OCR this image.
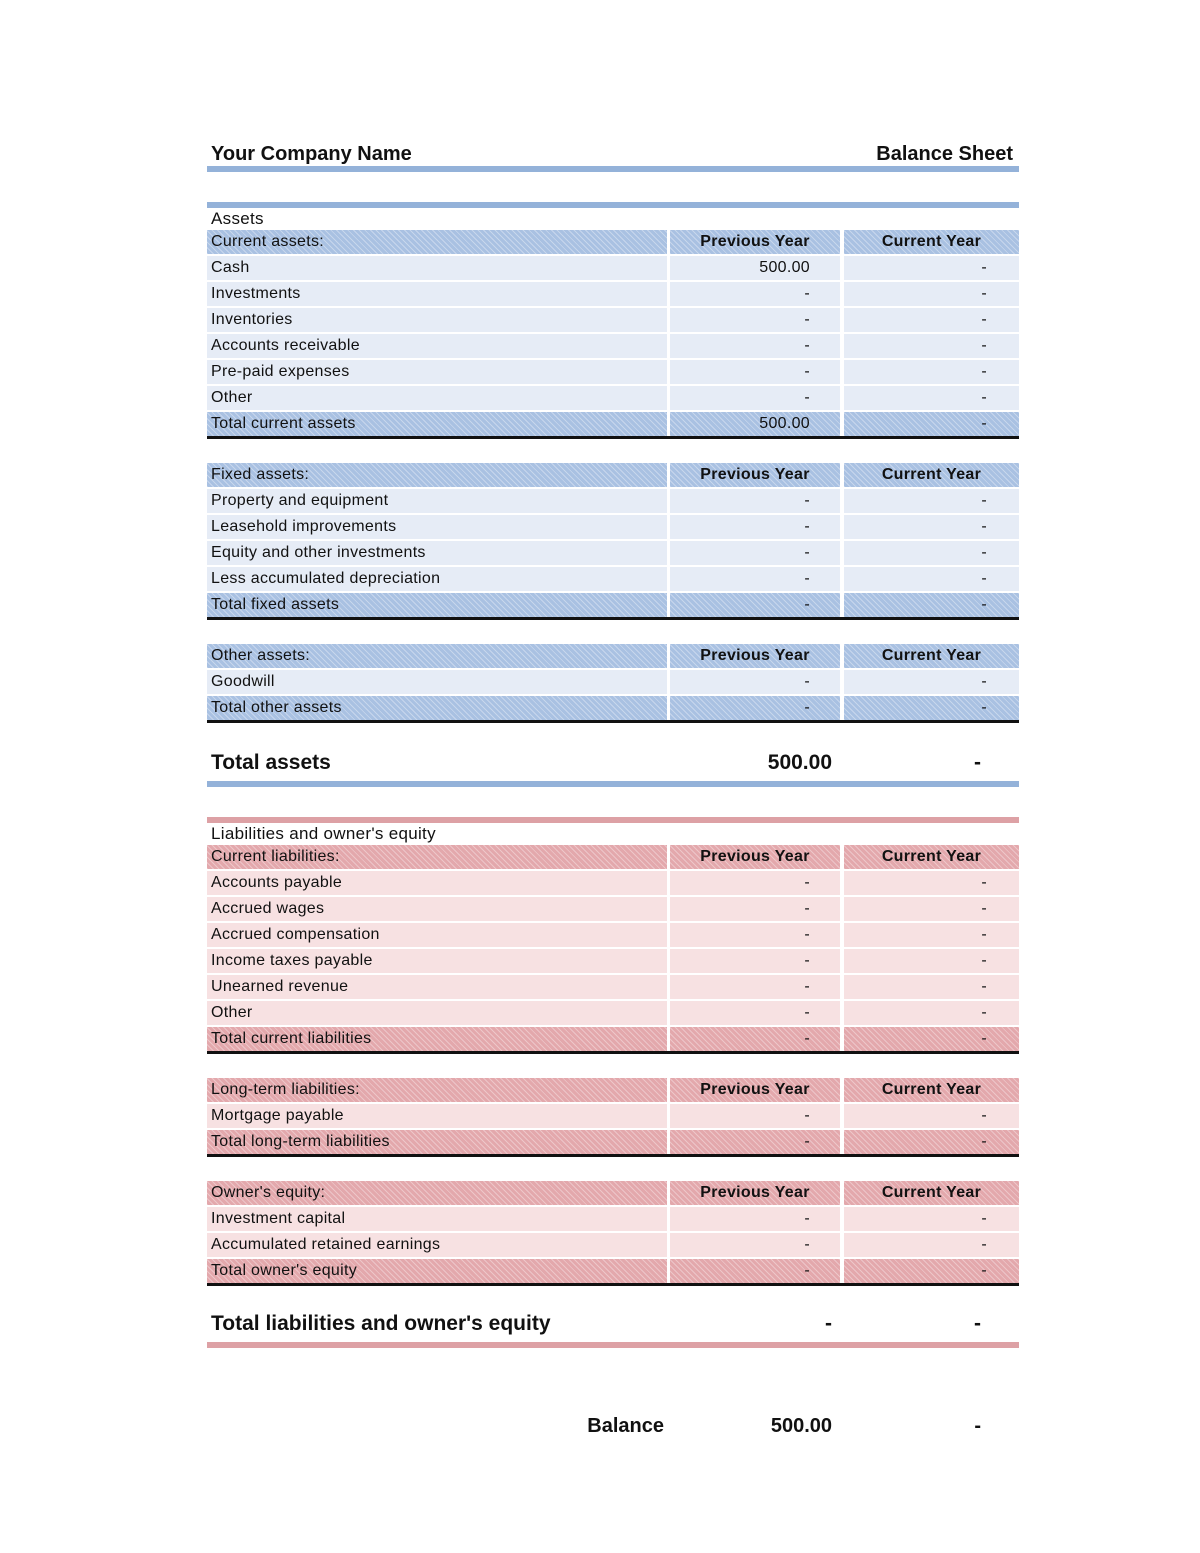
Your Company Name	Balance Sheet
Assets
Current assets:	Previous Year	Current Year
Cash	500.00	-
Investments	-	-
Inventories	-	-
Accounts receivable	-	-
Pre-paid expenses	-	-
Other	-	-
Total current assets	500.00	-
Fixed assets:	Previous Year	Current Year
Property and equipment	-	-
Leasehold improvements	-	-
Equity and other investments	-	-
Less accumulated depreciation	-	-
Total fixed assets	-	-
Other assets:	Previous Year	Current Year
Goodwill	-	-
Total other assets	-	-
Total assets	500.00	-
Liabilities and owner's equity
Current liabilities:	Previous Year	Current Year
Accounts payable	-	-
Accrued wages	-	-
Accrued compensation	-	-
Income taxes payable	-	-
Unearned revenue	-	-
Other	-	-
Total current liabilities	-	-
Long-term liabilities:	Previous Year	Current Year
Mortgage payable	-	-
Total long-term liabilities	-	-
Owner's equity:	Previous Year	Current Year
Investment capital	-	-
Accumulated retained earnings	-	-
Total owner's equity	-	-
Total liabilities and owner's equity	-	-
Balance	500.00	-
